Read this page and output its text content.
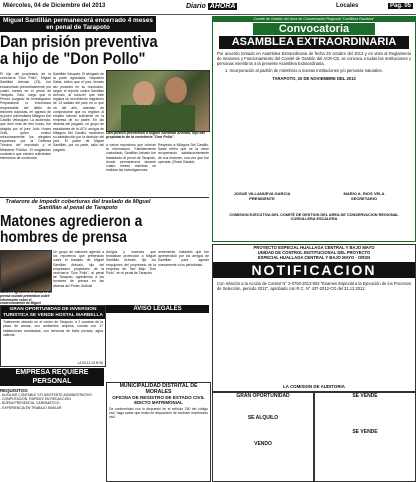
Miércoles, 04 de Diciembre del 2013	Diario AHORA	Locales	Pag. 05
Miguel Santillán permanecerá encerrado 4 meses en penal de Tarapoto
Dan prisión preventiva a hijo de "Don Pollo"
El hijo del propietario de la cevichería "Don Pollo", Miguel Santillán Arévalo (23), fue encarcelado preventivamente por cuatro meses en el penal de Tarapoto. Esto, luego que el Primer Juzgado de Investigación Preparatoria lo encontrara responsable del delito de lesiones culposas, en agravio de la joven universitaria Milagros Del Castillo Velasquez. La audiencia, que duró más de tres horas, fue dirigida por el juez Julio Hoces Ortiz, quien evaluó minuciosamente los alegatos expuestos por la Defensa Técnica del imputado y el Ministerio Público. El magistrado consideró que existen suficientes elementos de convicción.
Santillán Vásquez. El abogado de la parte agraviada, Napoleón Salas, indicó que el juez Vences así procedió en su resolución, según el reporte contra Santillán Arévalo, al conocer que éste registra un movimiento migratorio de 13 salidas del país en lo que va del año, además de comprobarse que no registra al empleo laboral suficiente en la empresa de su padre. En las afueras del juzgado, un grupo de estudiantes de la UCV, amigos de Milagros Del Castillo, mostraron su satisfacción por la decisión del juez. El padre de Miguel Santillán, por su parte, salió del juzgado.
Dan prisión preventiva a Miguel Santillán Arévalo, hijo del propietario de la cevichería "Don Pollo".
a varios reporteros que cubrían la información. Familiarmente custodiado, Santillán Arévalo fue trasladado al penal de Tarapoto, donde permanecerá durante cuatro meses mientras se realizan las investigaciones.
Respecto a Milagros Del Castillo, Salas refirió que se la viene recuperando satisfactoriamente de sus lesiones, una vez que fue operada. (Rossi Gárate).
Tratarore de impedir coberturas del traslado de Miguel Santillán al penal de Tarapoto
Matones agredieron a hombres de prensa
Matones agredieron a hombres de prensa cuando pretendían cubrir información sobre el encarcelamiento de Miguel
Un grupo de matones agredió a los reporteros que pretendían cubrir el traslado de Miguel Santillán Arévalo, hijo del empresario propietario de la cevichería "Don Pollo", al penal de Tarapoto, agrediendo a los hombres de prensa en las afueras del Poder Judicial.
Amigos y matones que brindaban protección a Miguel Santillán Arévalo, fijó los empujones del propietario de la empresa de Taxi Bajo "Don Pollo", en el penal de Tarapoto.
rentemente, instantes que fue aprehendido por los amigos de Santillán para agredir nuevamente a los periodistas.
GRAN OPORTUNIDAD DE INVERSION TURISTICA SE VENDE HOSTAL MARBELLA
Totalmente ubicado en el centro de Tarapoto, a 2 cuadras de la plaza de armas, con ambientes amplios, cuenta con 17 habitaciones amobladas, con servicios de baño privado, agua caliente.
LA 03-12-13 N°06
EMPRESA REQUIERE PERSONAL
REQUISITOS:
- AUXILIAR CONTABLE Y/O ASISTENTE ADMINISTRATIVO
- COMPUTACIÓN, RAPIDEZ EN REDACCIÓN
- BUENA PRESENCIA, CARISMÁTICO
- EXPERIENCIA EN TRABAJO SIMILAR
AVISO LEGALES
MUNICIPALIDAD DISTRITAL DE MORALES
OFICINA DE REGISTRO DE ESTADO CIVIL
EDICTO MATRIMONIAL
De conformidad con lo dispuesto en el artículo 250 del código civil, hago saber que están en disposición de contraer matrimonio civil.
Comité de Gestión del Area de Conservación Regional "Cordillera Escalera"
Convocatoria
ASAMBLEA EXTRAORDINARIA
Por acuerdo tomado en Asamblea Extraordinaria de fecha 25 octubre del 2013 y en vista al Reglamento de Sesiones y Funcionamiento del Comité de Gestión del ACR-CE, se convoca a todas las Instituciones y personas miembros a la presente Asamblea Extraordinaria.
1. Incorporación al padrón de miembros a nuevas Instituciones y/o personas naturales.
TARAPOTO, 20 DE NOVIEMBRE DEL 2013
JOSUE VILLANUEVA GARCIA
PRESIDENTE
MARIO A. RIOS VELA
SECRETARIO
COMISION EJECUTIVA DEL COMITÉ DE GESTION DEL AREA DE CONSERVACION REGIONAL CORDILLERA ESCALERA
PROYECTO ESPECIAL HUALLAGA CENTRAL Y BAJO MAYO
UNIDAD DE CONTROL INSTITUCIONAL DEL PROYECTO
ESPECIAL HUALLAGA CENTRAL Y BAJO MAYO - ORSN
NOTIFICACION
Con relación a la Acción de Control N° 2-0750-2013-002 "Examen Especial a la Ejecución de los Procesos de Selección, periodo 2012", aprobado con R.C. N° 437-2012-CG del 21.12.2012.
LA COMISION DE AUDITORIA
GRAN OPORTUNIDAD
SE ALQUILO
VENDO
SE VENDE
SE VENDE
